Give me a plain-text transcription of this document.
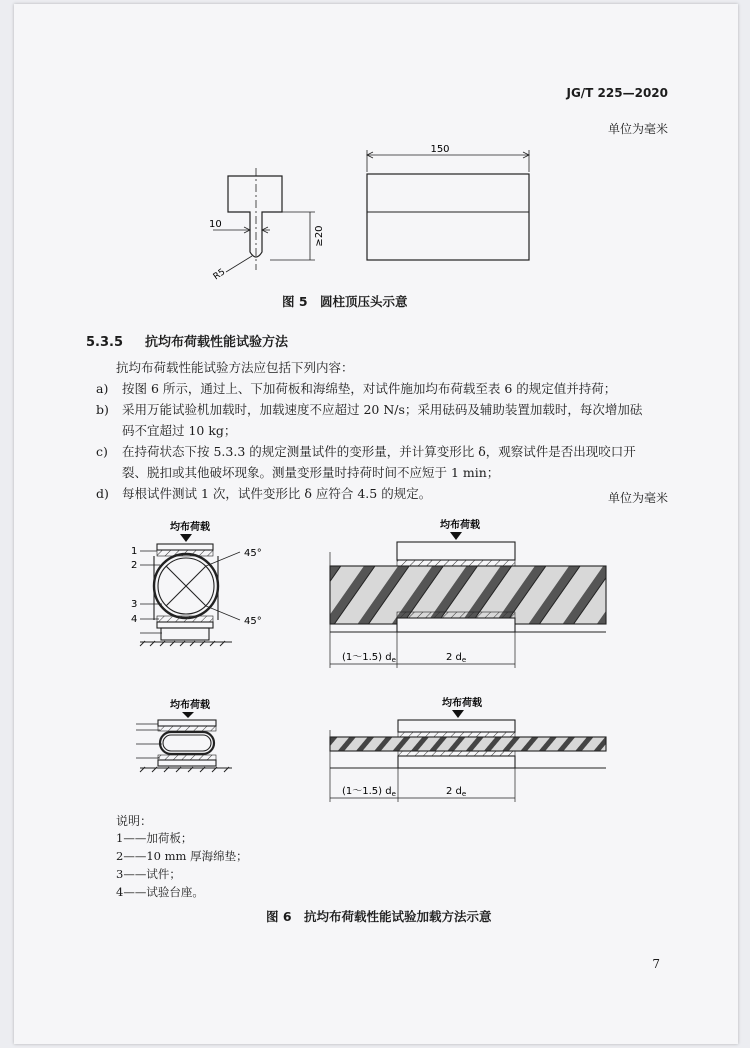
JG/T 225—2020
单位为毫米
150
10
R5
≥20
图 5　圆柱顶压头示意
5.3.5 抗均布荷载性能试验方法
抗均布荷载性能试验方法应包括下列内容：
a) 按图 6 所示，通过上、下加荷板和海绵垫，对试件施加均布荷载至表 6 的规定值并持荷；
b) 采用万能试验机加载时，加载速度不应超过 20 N/s；采用砝码及辅助装置加载时，每次增加砝
码不宜超过 10 kg；
c) 在持荷状态下按 5.3.3 的规定测量试件的变形量，并计算变形比 δ，观察试件是否出现咬口开
裂、脱扣或其他破坏现象。测量变形量时持荷时间不应短于 1 min；
d) 每根试件测试 1 次，试件变形比 δ 应符合 4.5 的规定。	单位为毫米
均布荷载
45°
45°
1
2
3
4
均布荷载
(1～1.5) $d_e$	2 $d_e$
均布荷载	均布荷载
(1～1.5) $d_e$	2 $d_e$
说明：
1——加荷板；
2——10 mm 厚海绵垫；
3——试件；
4——试验台座。
图 6　抗均布荷载性能试验加载方法示意
7
